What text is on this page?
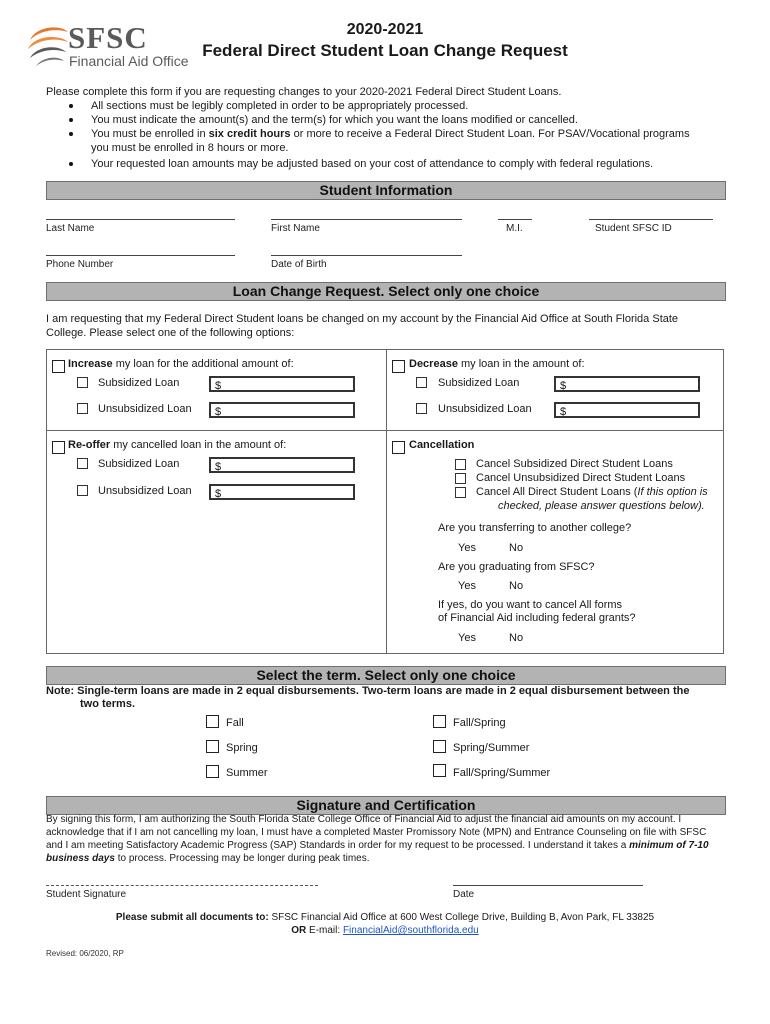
SFSC
Financial Aid Office
2020-2021
Federal Direct Student Loan Change Request
Please complete this form if you are requesting changes to your 2020-2021 Federal Direct Student Loans.
All sections must be legibly completed in order to be appropriately processed.
You must indicate the amount(s) and the term(s) for which you want the loans modified or cancelled.
You must be enrolled in six credit hours or more to receive a Federal Direct Student Loan. For PSAV/Vocational programs
you must be enrolled in 8 hours or more.
Your requested loan amounts may be adjusted based on your cost of attendance to comply with federal regulations.
Student Information
Last Name	First Name	M.I.	Student SFSC ID
Phone Number	Date of Birth
Loan Change Request. Select only one choice
I am requesting that my Federal Direct Student loans be changed on my account by the Financial Aid Office at South Florida State
College. Please select one of the following options:
Increase my loan for the additional amount of:
Subsidized Loan	$
Unsubsidized Loan $
Decrease my loan in the amount of:
Subsidized Loan	$
Unsubsidized Loan	$
Re-offer my cancelled loan in the amount of:
Subsidized Loan	$
Unsubsidized Loan $
Cancellation
Cancel Subsidized Direct Student Loans
Cancel Unsubsidized Direct Student Loans
Cancel All Direct Student Loans (If this option is
checked, please answer questions below).
Are you transferring to another college?
Yes	No
Are you graduating from SFSC?
Yes	No
If yes, do you want to cancel All forms
of Financial Aid including federal grants?
Yes	No
Select the term. Select only one choice
Note: Single-term loans are made in 2 equal disbursements. Two-term loans are made in 2 equal disbursement between the
two terms.
Fall
Spring
Summer
Fall/Spring
Spring/Summer
Fall/Spring/Summer
Signature and Certification
By signing this form, I am authorizing the South Florida State College Office of Financial Aid to adjust the financial aid amounts on my account. I
acknowledge that if I am not cancelling my loan, I must have a completed Master Promissory Note (MPN) and Entrance Counseling on file with SFSC
and I am meeting Satisfactory Academic Progress (SAP) Standards in order for my request to be processed. I understand it takes a minimum of 7-10
business days to process. Processing may be longer during peak times.
Student Signature	Date
Please submit all documents to: SFSC Financial Aid Office at 600 West College Drive, Building B, Avon Park, FL 33825
OR E-mail: FinancialAid@southflorida.edu
Revised: 06/2020, RP
